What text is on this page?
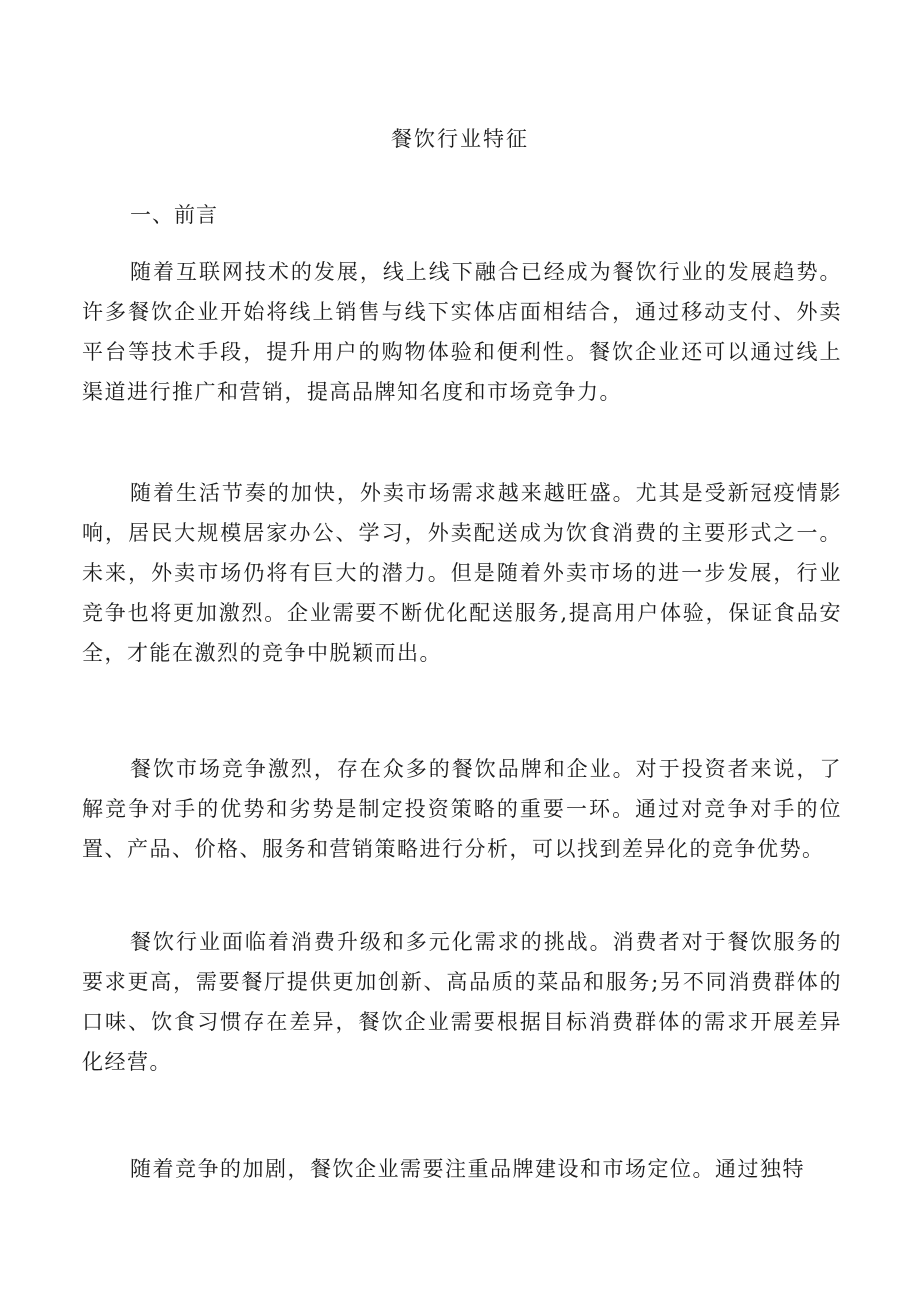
餐饮行业特征
一、前言

随着互联网技术的发展，线上线下融合已经成为餐饮行业的发展趋势。许多餐饮企业开始将线上销售与线下实体店面相结合，通过移动支付、外卖平台等技术手段，提升用户的购物体验和便利性。餐饮企业还可以通过线上渠道进行推广和营销，提高品牌知名度和市场竞争力。

随着生活节奏的加快，外卖市场需求越来越旺盛。尤其是受新冠疫情影响，居民大规模居家办公、学习，外卖配送成为饮食消费的主要形式之一。未来，外卖市场仍将有巨大的潜力。但是随着外卖市场的进一步发展，行业竞争也将更加激烈。企业需要不断优化配送服务,提高用户体验，保证食品安全，才能在激烈的竞争中脱颖而出。

餐饮市场竞争激烈，存在众多的餐饮品牌和企业。对于投资者来说，了解竞争对手的优势和劣势是制定投资策略的重要一环。通过对竞争对手的位置、产品、价格、服务和营销策略进行分析，可以找到差异化的竞争优势。

餐饮行业面临着消费升级和多元化需求的挑战。消费者对于餐饮服务的要求更高，需要餐厅提供更加创新、高品质的菜品和服务;另不同消费群体的口味、饮食习惯存在差异，餐饮企业需要根据目标消费群体的需求开展差异化经营。

随着竞争的加剧，餐饮企业需要注重品牌建设和市场定位。通过独特
